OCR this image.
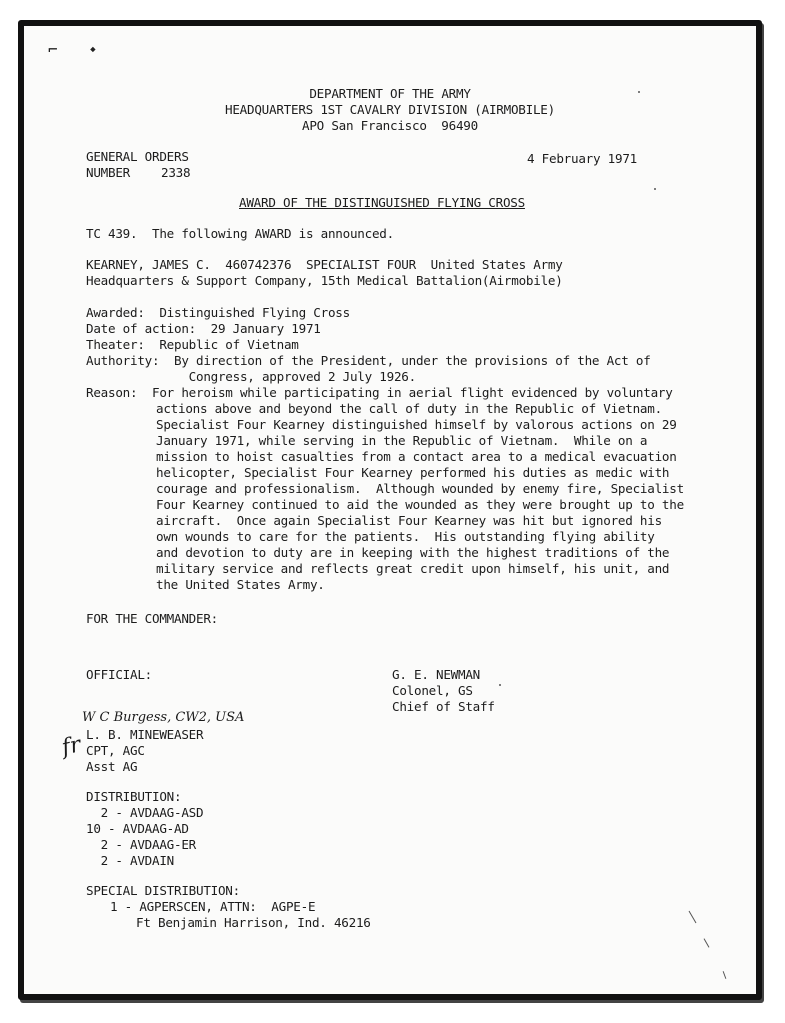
⌐ ⬩
DEPARTMENT OF THE ARMY
HEADQUARTERS 1ST CAVALRY DIVISION (AIRMOBILE)
APO San Francisco  96490
GENERAL ORDERS
NUMBER 2338
4 February 1971
AWARD OF THE DISTINGUISHED FLYING CROSS
TC 439.  The following AWARD is announced.
KEARNEY, JAMES C.  460742376  SPECIALIST FOUR  United States Army
Headquarters & Support Company, 15th Medical Battalion(Airmobile)
Awarded:  Distinguished Flying Cross
Date of action:  29 January 1971
Theater:  Republic of Vietnam
Authority:  By direction of the President, under the provisions of the Act of
Congress, approved 2 July 1926.
Reason:  For heroism while participating in aerial flight evidenced by voluntary
actions above and beyond the call of duty in the Republic of Vietnam.
Specialist Four Kearney distinguished himself by valorous actions on 29
January 1971, while serving in the Republic of Vietnam.  While on a
mission to hoist casualties from a contact area to a medical evacuation
helicopter, Specialist Four Kearney performed his duties as medic with
courage and professionalism.  Although wounded by enemy fire, Specialist
Four Kearney continued to aid the wounded as they were brought up to the
aircraft.  Once again Specialist Four Kearney was hit but ignored his
own wounds to care for the patients.  His outstanding flying ability
and devotion to duty are in keeping with the highest traditions of the
military service and reflects great credit upon himself, his unit, and
the United States Army.
FOR THE COMMANDER:
OFFICIAL:	G. E. NEWMAN
Colonel, GS
Chief of Staff
W C Burgess, CW2, USA
fr L. B. MINEWEASER
CPT, AGC
Asst AG
DISTRIBUTION:
2 - AVDAAG-ASD
10 - AVDAAG-AD
2 - AVDAAG-ER
2 - AVDAIN
SPECIAL DISTRIBUTION:
1 - AGPERSCEN, ATTN:  AGPE-E
Ft Benjamin Harrison, Ind. 46216
